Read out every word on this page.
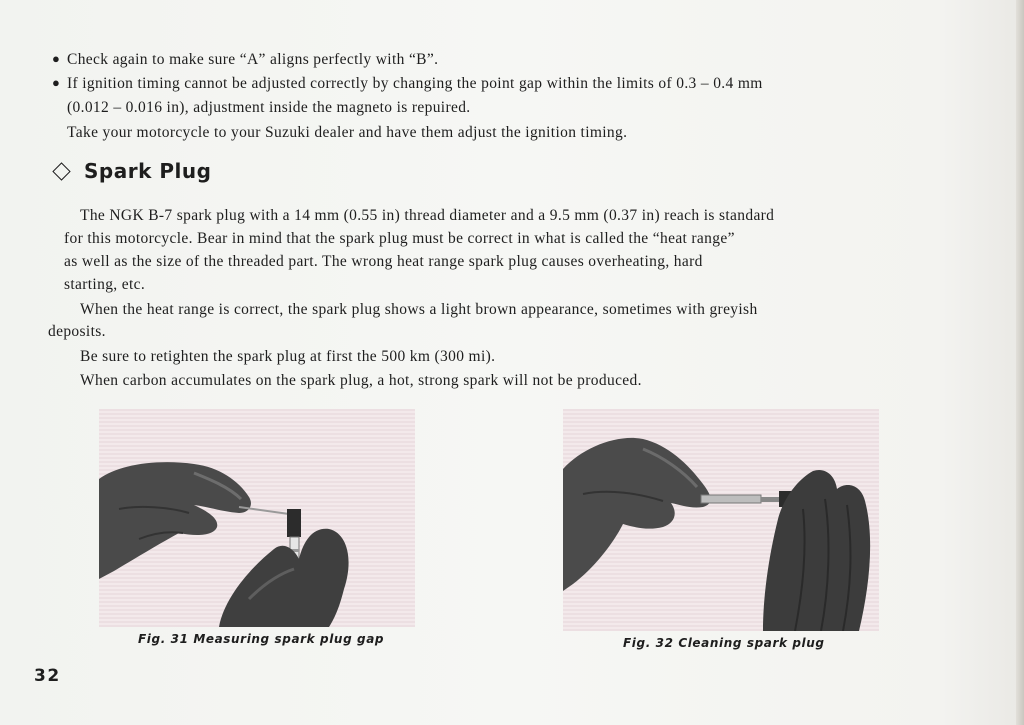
● Check again to make sure “A” aligns perfectly with “B”.
● If ignition timing cannot be adjusted correctly by changing the point gap within the limits of 0.3 – 0.4 mm
(0.012 – 0.016 in), adjustment inside the magneto is repuired.
Take your motorcycle to your Suzuki dealer and have them adjust the ignition timing.
Spark Plug
The NGK B-7 spark plug with a 14 mm (0.55 in) thread diameter and a 9.5 mm (0.37 in) reach is standard
for this motorcycle. Bear in mind that the spark plug must be correct in what is called the “heat range”
as well as the size of the threaded part. The wrong heat range spark plug causes overheating, hard
starting, etc.
When the heat range is correct, the spark plug shows a light brown appearance, sometimes with greyish
deposits.
Be sure to retighten the spark plug at first the 500 km (300 mi).
When carbon accumulates on the spark plug, a hot, strong spark will not be produced.
Fig. 31 Measuring spark plug gap	Fig. 32 Cleaning spark plug
32
